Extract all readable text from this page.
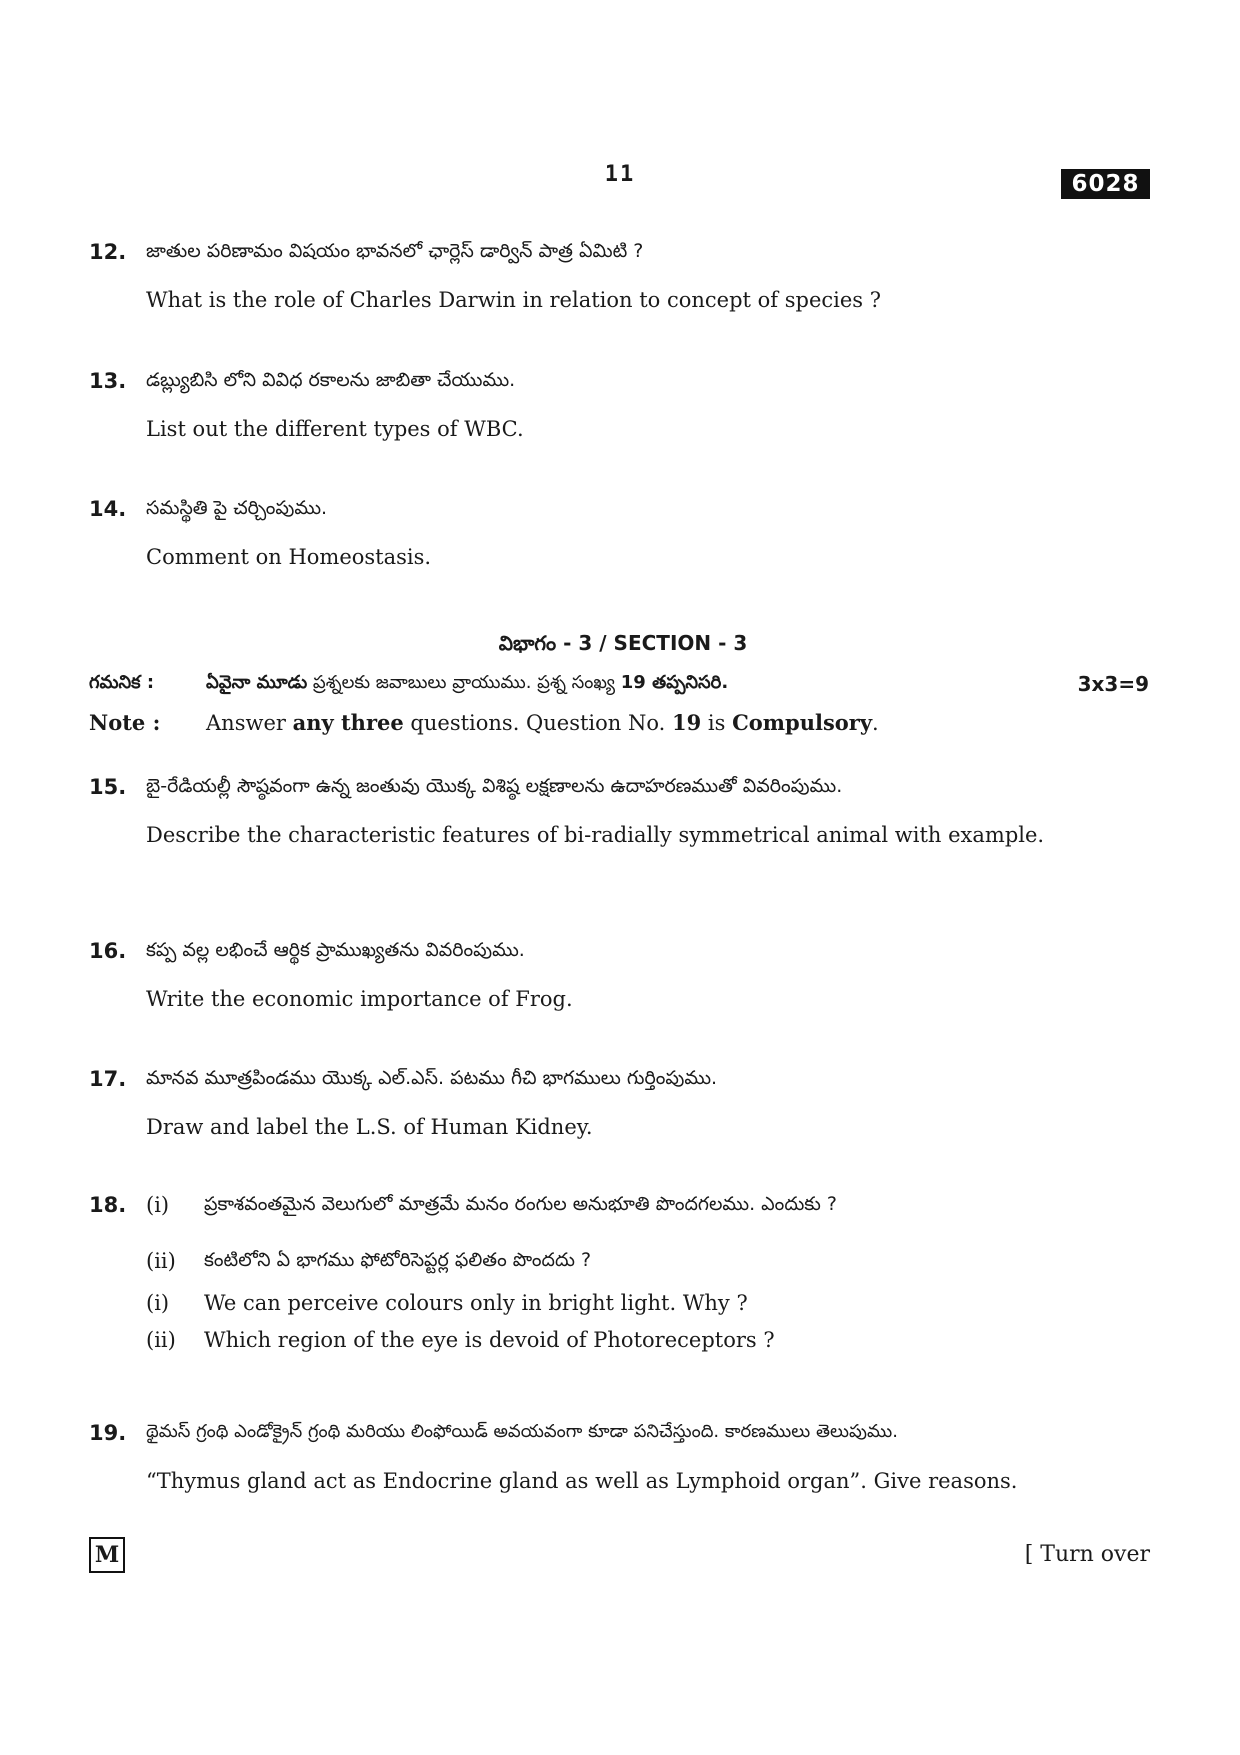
11	6028
12. జాతుల పరిణామం విషయం భావనలో ఛార్లెస్ డార్విన్ పాత్ర ఏమిటి ?
What is the role of Charles Darwin in relation to concept of species ?
13. డబ్ల్యుబిసి లోని వివిధ రకాలను జాబితా చేయుము.
List out the different types of WBC.
14. సమస్థితి పై చర్చింపుము.
Comment on Homeostasis.
విభాగం - 3 / SECTION - 3
గమనిక :	ఏవైనా మూడు ప్రశ్నలకు జవాబులు వ్రాయుము. ప్రశ్న సంఖ్య 19 తప్పనిసరి.	3x3=9
Note : Answer any three questions. Question No. 19 is Compulsory.
15. బై-రేడియల్లీ సౌష్ఠవంగా ఉన్న జంతువు యొక్క విశిష్ఠ లక్షణాలను ఉదాహరణముతో వివరింపుము.
Describe the characteristic features of bi-radially symmetrical animal with example.
16. కప్ప వల్ల లభించే ఆర్థిక ప్రాముఖ్యతను వివరింపుము.
Write the economic importance of Frog.
17. మానవ మూత్రపిండము యొక్క ఎల్.ఎస్. పటము గీచి భాగములు గుర్తింపుము.
Draw and label the L.S. of Human Kidney.
18. (i) ప్రకాశవంతమైన వెలుగులో మాత్రమే మనం రంగుల అనుభూతి పొందగలము. ఎందుకు ?
(ii) కంటిలోని ఏ భాగము ఫోటోరిసెప్టర్ల ఫలితం పొందదు ?
(i) We can perceive colours only in bright light. Why ?
(ii) Which region of the eye is devoid of Photoreceptors ?
19. థైమస్ గ్రంథి ఎండోక్రైన్ గ్రంథి మరియు లింఫోయిడ్ అవయవంగా కూడా పనిచేస్తుంది. కారణములు తెలుపుము.
“Thymus gland act as Endocrine gland as well as Lymphoid organ”. Give reasons.
M	[ Turn over
